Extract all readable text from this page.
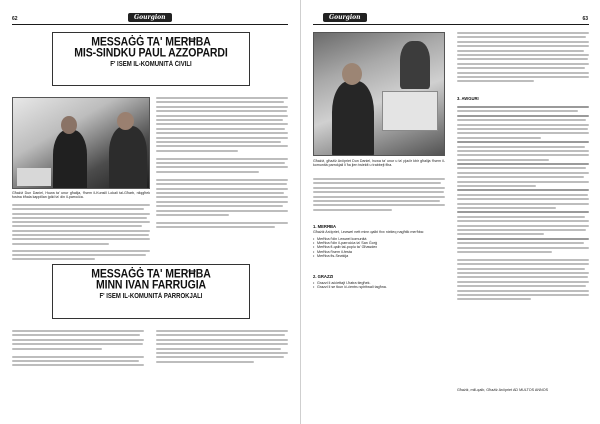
62	Gourgion
MESSAĠĠ TA' MERĦBA
MIS-SINDKU PAUL AZZOPARDI
F' ISEM IL-KOMUNITÀ ĊIVILI
Għażiż Dun Daniel, Huwa ta' unur għalija, f'isem il-Kunsill Lokali tal-Għarb, nilqgħek fostna bħala kappillan ġdid ta' din il-parroċċa.
MESSAĠĠ TA' MERĦBA
MINN IVAN FARRUGIA
F' ISEM IL-KOMUNITÀ PARROKJALI
63
Gourgion
Għażiż, għażiż Arċipriet Dun Daniel, huwa ta' unur u ta' pjaċir kbir għalija f'isem il-komunità parrokjali li ħa jien twieldt u trabbejt fiha.
1. MERĦBA

Għażiż Arċipriet, l-ewwel nett minn qalbi fixx nixtieq nagħtik merħba:

• Merħba f'din l-ewwel komunità
• Merħba f'din il-parroċċa ta' San Ġorġ
• Merħba fl-qalb tal-poplu ta' Għawdex
• Merħba f'isem il-festa
• Merħba fis-Sewkija
2. GRAZZI
• Grazzi li aċċettajt l-ħatra tiegħek.
• Grazzi li se tkun iċ-ċentru spiritwali tagħna.
3. AWGURI

Għażiż, mill-qalb, Għażiż Arċipriet AD MULTOS ANNOS
